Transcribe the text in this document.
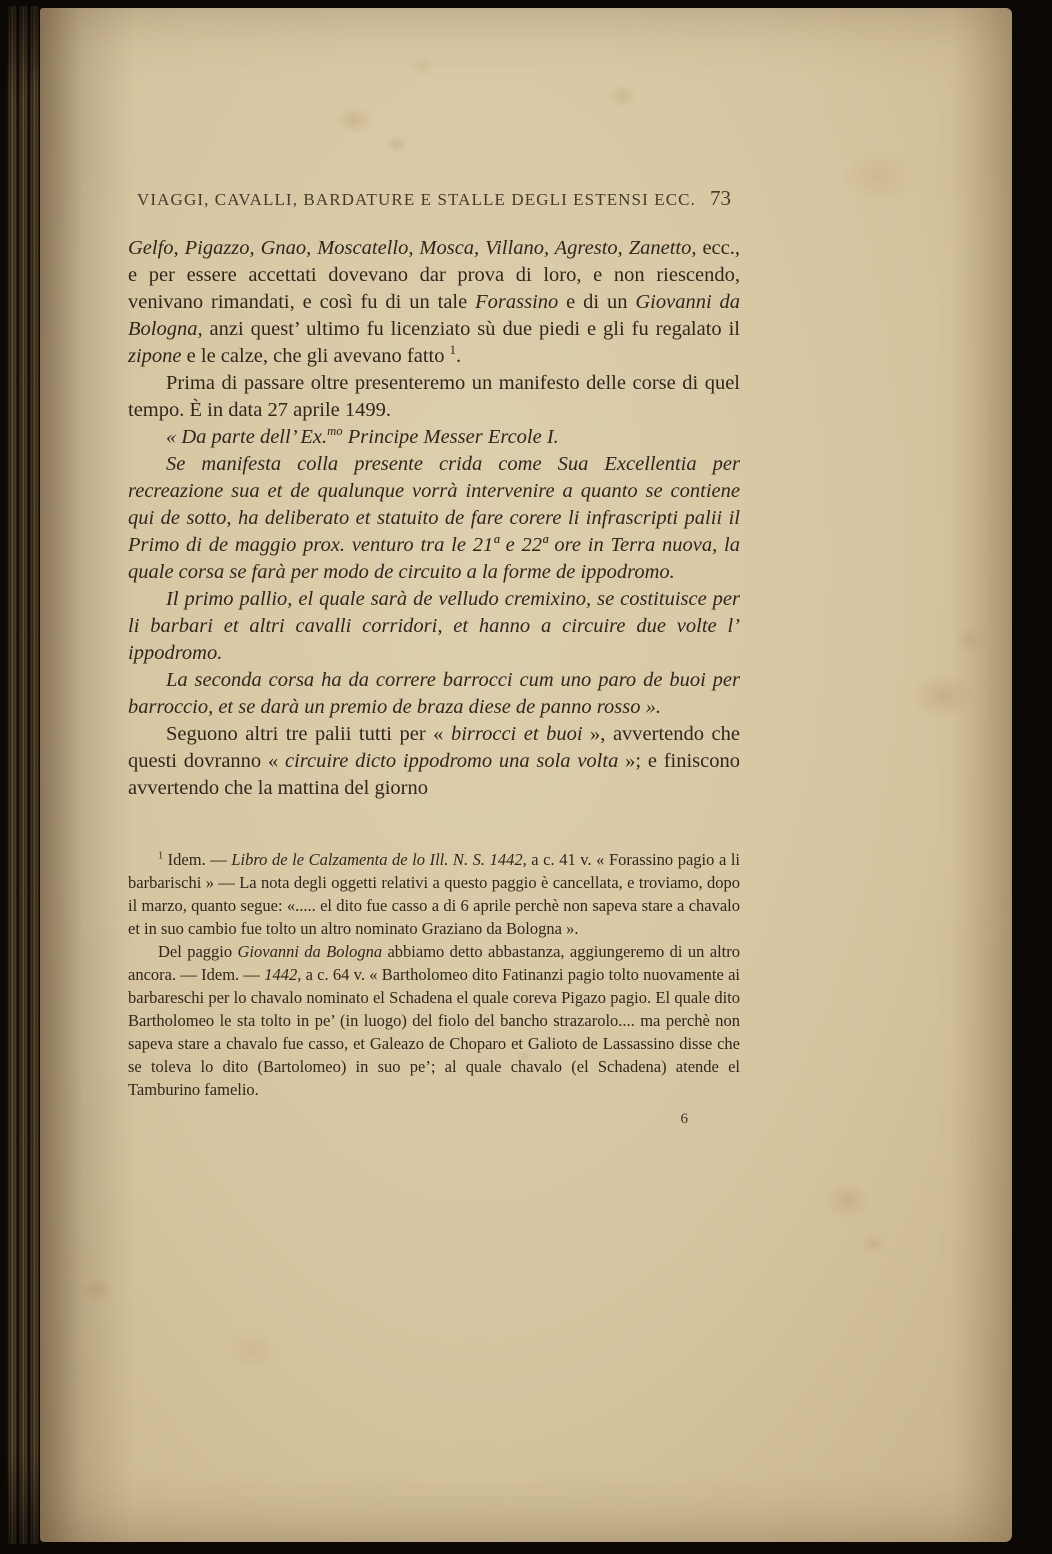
VIAGGI, CAVALLI, BARDATURE E STALLE DEGLI ESTENSI ECC. 73

Gelfo, Pigazzo, Gnao, Moscatello, Mosca, Villano, Agresto, Zanetto, ecc., e per essere accettati dovevano dar prova di loro, e non riescendo, venivano rimandati, e così fu di un tale Forassino e di un Giovanni da Bologna, anzi quest’ ultimo fu licenziato sù due piedi e gli fu regalato il zipone e le calze, che gli avevano fatto $^1$.

Prima di passare oltre presenteremo un manifesto delle corse di quel tempo. È in data 27 aprile 1499.

« Da parte dell’ Ex.$^{mo}$ Principe Messer Ercole I.

Se manifesta colla presente crida come Sua Excellentia per recreazione sua et de qualunque vorrà intervenire a quanto se contiene qui de sotto, ha deliberato et statuito de fare corere li infrascripti palii il Primo di de maggio prox. venturo tra le 21ª e 22ª ore in Terra nuova, la quale corsa se farà per modo de circuito a la forme de ippodromo.

Il primo pallio, el quale sarà de velludo cremixino, se costituisce per li barbari et altri cavalli corridori, et hanno a circuire due volte l’ ippodromo.

La seconda corsa ha da correre barrocci cum uno paro de buoi per barroccio, et se darà un premio de braza diese de panno rosso ».

Seguono altri tre palii tutti per « birrocci et buoi », avvertendo che questi dovranno « circuire dicto ippodromo una sola volta »; e finiscono avvertendo che la mattina del giorno

$^1$ Idem. — Libro de le Calzamenta de lo Ill. N. S. 1442, a c. 41 v. « Forassino pagio a li barbarischi » — La nota degli oggetti relativi a questo paggio è cancellata, e troviamo, dopo il marzo, quanto segue: «..... el dito fue casso a di 6 aprile perchè non sapeva stare a chavalo et in suo cambio fue tolto un altro nominato Graziano da Bologna ».

Del paggio Giovanni da Bologna abbiamo detto abbastanza, aggiungeremo di un altro ancora. — Idem. — 1442, a c. 64 v. « Bartholomeo dito Fatinanzi pagio tolto nuovamente ai barbareschi per lo chavalo nominato el Schadena el quale coreva Pigazo pagio. El quale dito Bartholomeo le sta tolto in pe’ (in luogo) del fiolo del bancho strazarolo.... ma perchè non sapeva stare a chavalo fue casso, et Galeazo de Choparo et Galioto de Lassassino disse che se toleva lo dito (Bartolomeo) in suo pe’; al quale chavalo (el Schadena) atende el Tamburino famelio.

6
